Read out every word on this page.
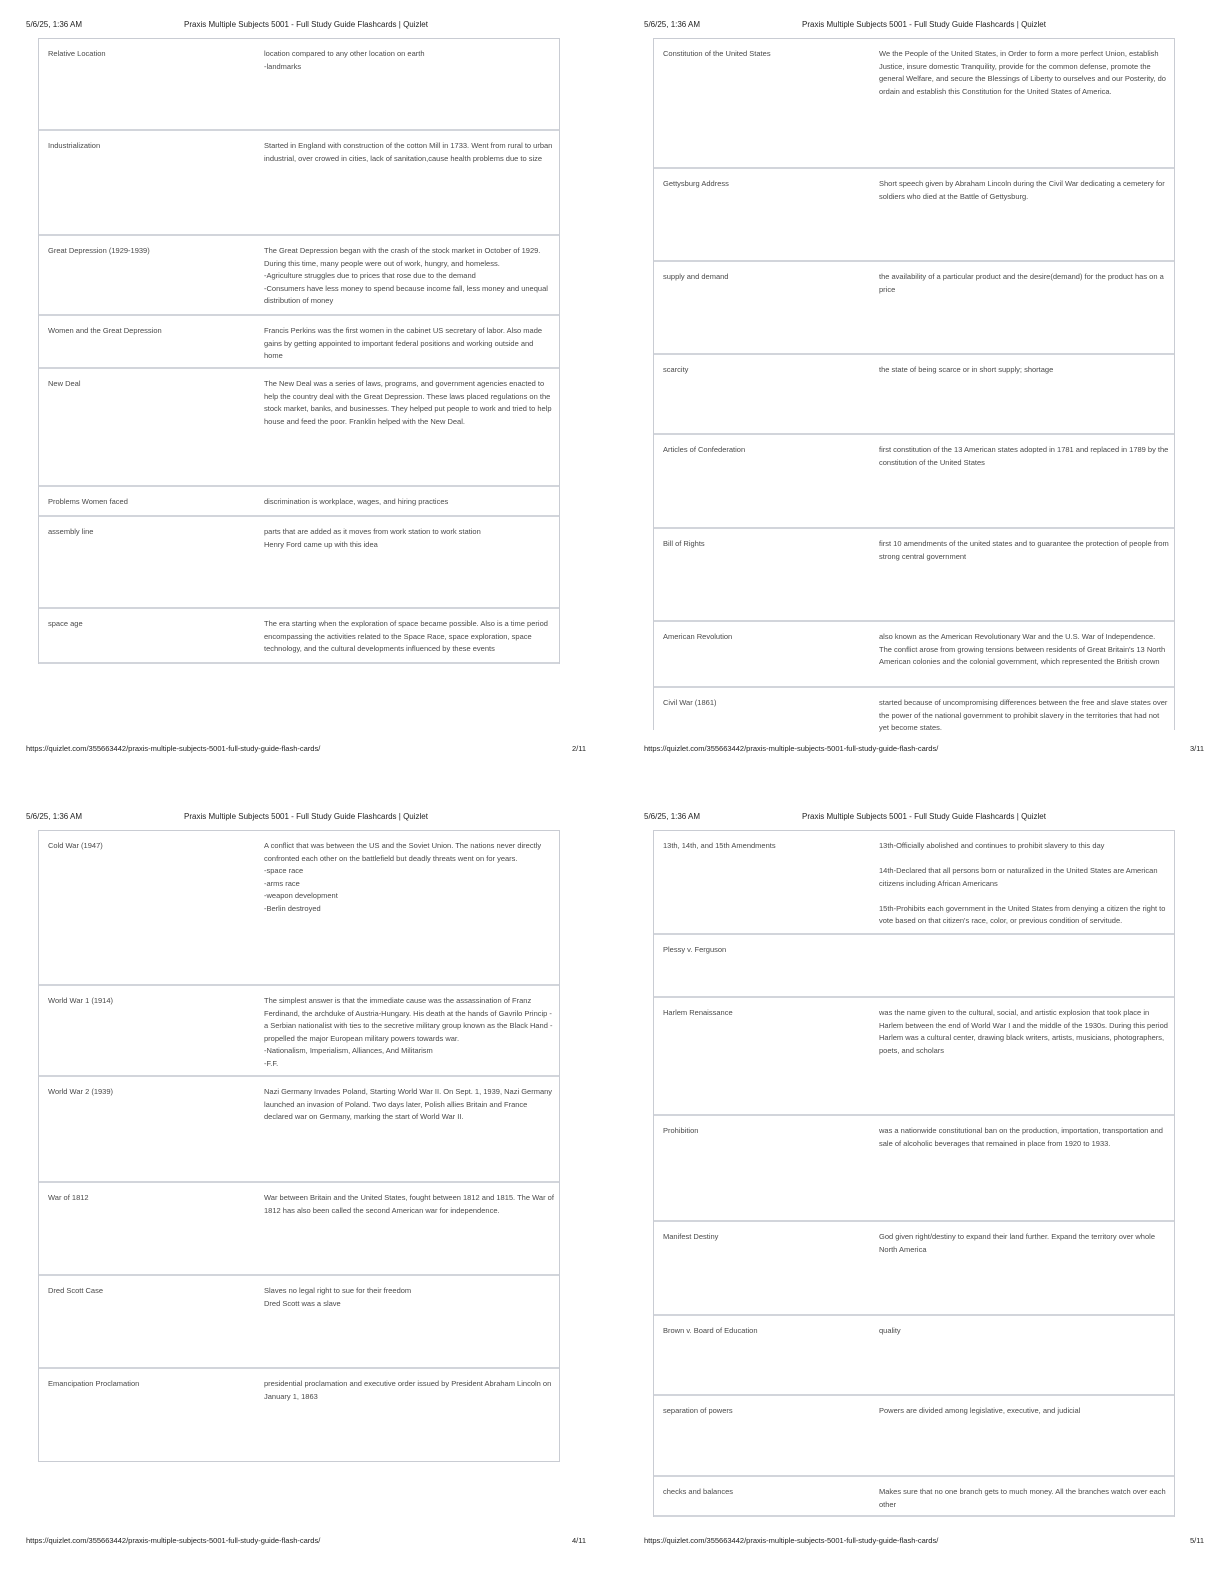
5/6/25, 1:36 AM	Praxis Multiple Subjects 5001 - Full Study Guide Flashcards | Quizlet
Relative Location	location compared to any other location on earth
-landmarks
Industrialization	Started in England with construction of the cotton Mill in 1733. Went from rural to urban industrial, over crowed in cities, lack of sanitation,cause health problems due to size
Great Depression (1929-1939)	The Great Depression began with the crash of the stock market in October of 1929. During this time, many people were out of work, hungry, and homeless.
-Agriculture struggles due to prices that rose due to the demand
-Consumers have less money to spend because income fall, less money and unequal distribution of money
Women and the Great Depression	Francis Perkins was the first women in the cabinet US secretary of labor. Also made gains by getting appointed to important federal positions and working outside and home
New Deal	The New Deal was a series of laws, programs, and government agencies enacted to help the country deal with the Great Depression. These laws placed regulations on the stock market, banks, and businesses. They helped put people to work and tried to help house and feed the poor. Franklin helped with the New Deal.
Problems Women faced	discrimination is workplace, wages, and hiring practices
assembly line	parts that are added as it moves from work station to work station
Henry Ford came up with this idea
space age	The era starting when the exploration of space became possible. Also is a time period encompassing the activities related to the Space Race, space exploration, space technology, and the cultural developments influenced by these events
https://quizlet.com/355663442/praxis-multiple-subjects-5001-full-study-guide-flash-cards/	2/11
5/6/25, 1:36 AM	Praxis Multiple Subjects 5001 - Full Study Guide Flashcards | Quizlet
Constitution of the United States	We the People of the United States, in Order to form a more perfect Union, establish Justice, insure domestic Tranquility, provide for the common defense, promote the general Welfare, and secure the Blessings of Liberty to ourselves and our Posterity, do ordain and establish this Constitution for the United States of America.
Gettysburg Address	Short speech given by Abraham Lincoln during the Civil War dedicating a cemetery for soldiers who died at the Battle of Gettysburg.
supply and demand	the availability of a particular product and the desire(demand) for the product has on a price
scarcity	the state of being scarce or in short supply; shortage
Articles of Confederation	first constitution of the 13 American states adopted in 1781 and replaced in 1789 by the constitution of the United States
Bill of Rights	first 10 amendments of the united states and to guarantee the protection of people from strong central government
American Revolution	also known as the American Revolutionary War and the U.S. War of Independence. The conflict arose from growing tensions between residents of Great Britain's 13 North American colonies and the colonial government, which represented the British crown
Civil War (1861)	started because of uncompromising differences between the free and slave states over the power of the national government to prohibit slavery in the territories that had not yet become states.
https://quizlet.com/355663442/praxis-multiple-subjects-5001-full-study-guide-flash-cards/	3/11
5/6/25, 1:36 AM	Praxis Multiple Subjects 5001 - Full Study Guide Flashcards | Quizlet
Cold War (1947)	A conflict that was between the US and the Soviet Union. The nations never directly confronted each other on the battlefield but deadly threats went on for years.
-space race
-arms race
-weapon development
-Berlin destroyed
World War 1 (1914)	The simplest answer is that the immediate cause was the assassination of Franz Ferdinand, the archduke of Austria-Hungary. His death at the hands of Gavrilo Princip - a Serbian nationalist with ties to the secretive military group known as the Black Hand - propelled the major European military powers towards war.
-Nationalism, Imperialism, Alliances, And Militarism
-F.F.
World War 2 (1939)	Nazi Germany Invades Poland, Starting World War II. On Sept. 1, 1939, Nazi Germany launched an invasion of Poland. Two days later, Polish allies Britain and France declared war on Germany, marking the start of World War II.
War of 1812	War between Britain and the United States, fought between 1812 and 1815. The War of 1812 has also been called the second American war for independence.
Dred Scott Case	Slaves no legal right to sue for their freedom
Dred Scott was a slave
Emancipation Proclamation	presidential proclamation and executive order issued by President Abraham Lincoln on January 1, 1863
https://quizlet.com/355663442/praxis-multiple-subjects-5001-full-study-guide-flash-cards/	4/11
5/6/25, 1:36 AM	Praxis Multiple Subjects 5001 - Full Study Guide Flashcards | Quizlet
13th, 14th, and 15th Amendments	13th-Officially abolished and continues to prohibit slavery to this day

14th-Declared that all persons born or naturalized in the United States are American citizens including African Americans

15th-Prohibits each government in the United States from denying a citizen the right to vote based on that citizen's race, color, or previous condition of servitude.
Plessy v. Ferguson
Harlem Renaissance	was the name given to the cultural, social, and artistic explosion that took place in Harlem between the end of World War I and the middle of the 1930s. During this period Harlem was a cultural center, drawing black writers, artists, musicians, photographers, poets, and scholars
Prohibition	was a nationwide constitutional ban on the production, importation, transportation and sale of alcoholic beverages that remained in place from 1920 to 1933.
Manifest Destiny	God given right/destiny to expand their land further. Expand the territory over whole North America
Brown v. Board of Education	quality
separation of powers	Powers are divided among legislative, executive, and judicial
checks and balances	Makes sure that no one branch gets to much money. All the branches watch over each other
https://quizlet.com/355663442/praxis-multiple-subjects-5001-full-study-guide-flash-cards/	5/11
